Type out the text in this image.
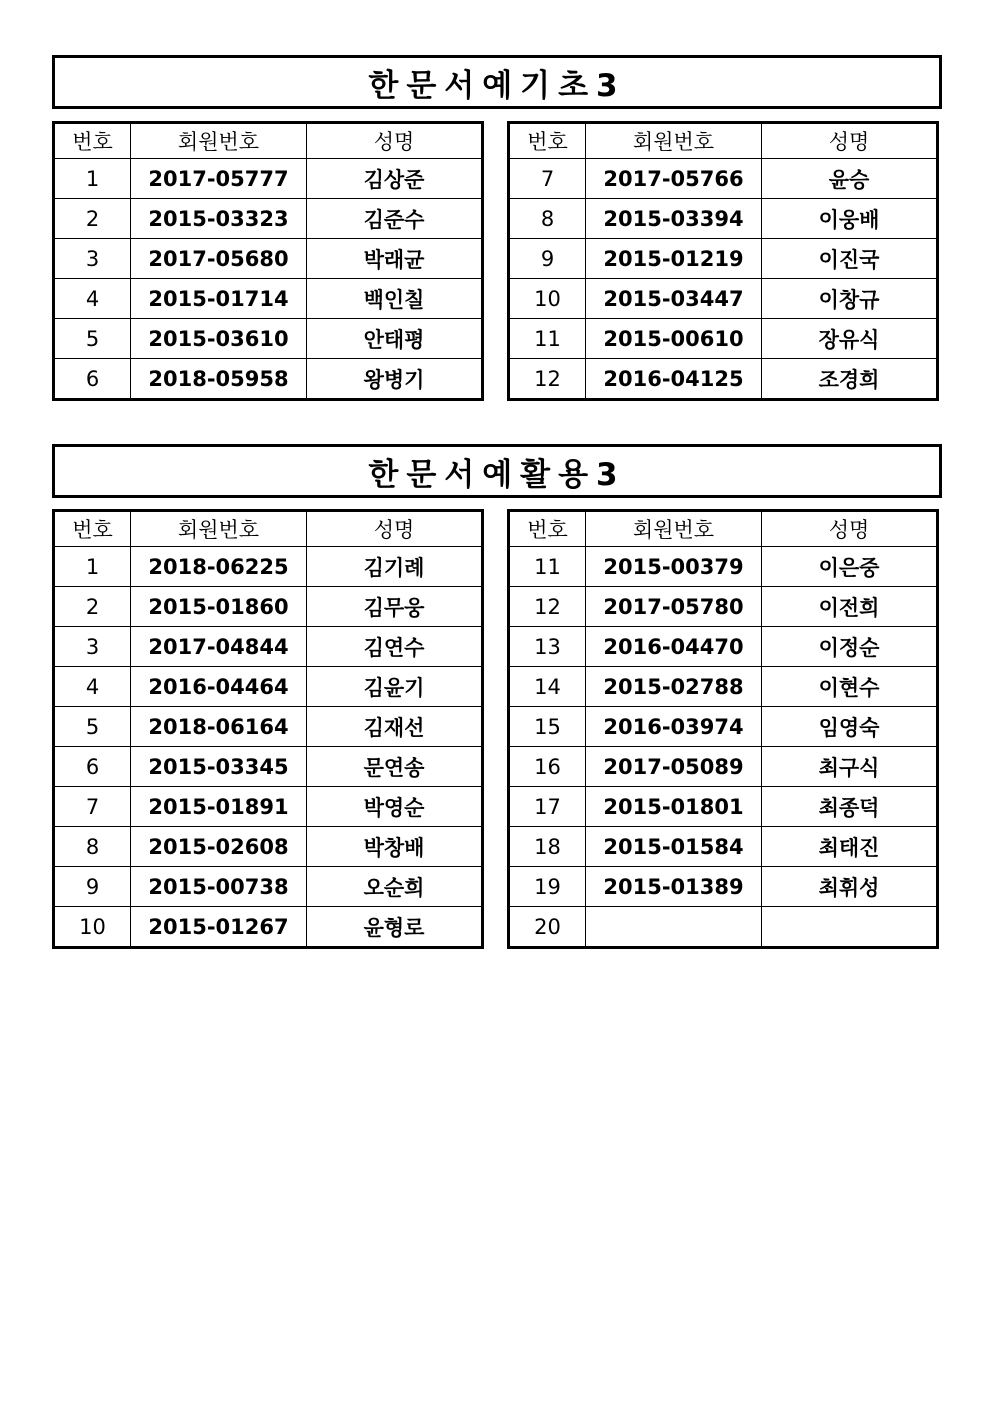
한문서예기초3
번호	회원번호	성명
1	2017-05777	김상준
2	2015-03323	김준수
3	2017-05680	박래균
4	2015-01714	백인칠
5	2015-03610	안태평
6	2018-05958	왕병기
번호	회원번호	성명
7	2017-05766	윤승
8	2015-03394	이웅배
9	2015-01219	이진국
10	2015-03447	이창규
11	2015-00610	장유식
12	2016-04125	조경희
한문서예활용3
번호	회원번호	성명
1	2018-06225	김기례
2	2015-01860	김무웅
3	2017-04844	김연수
4	2016-04464	김윤기
5	2018-06164	김재선
6	2015-03345	문연송
7	2015-01891	박영순
8	2015-02608	박창배
9	2015-00738	오순희
10	2015-01267	윤형로
번호	회원번호	성명
11	2015-00379	이은중
12	2017-05780	이전희
13	2016-04470	이정순
14	2015-02788	이현수
15	2016-03974	임영숙
16	2017-05089	최구식
17	2015-01801	최종덕
18	2015-01584	최태진
19	2015-01389	최휘성
20		
